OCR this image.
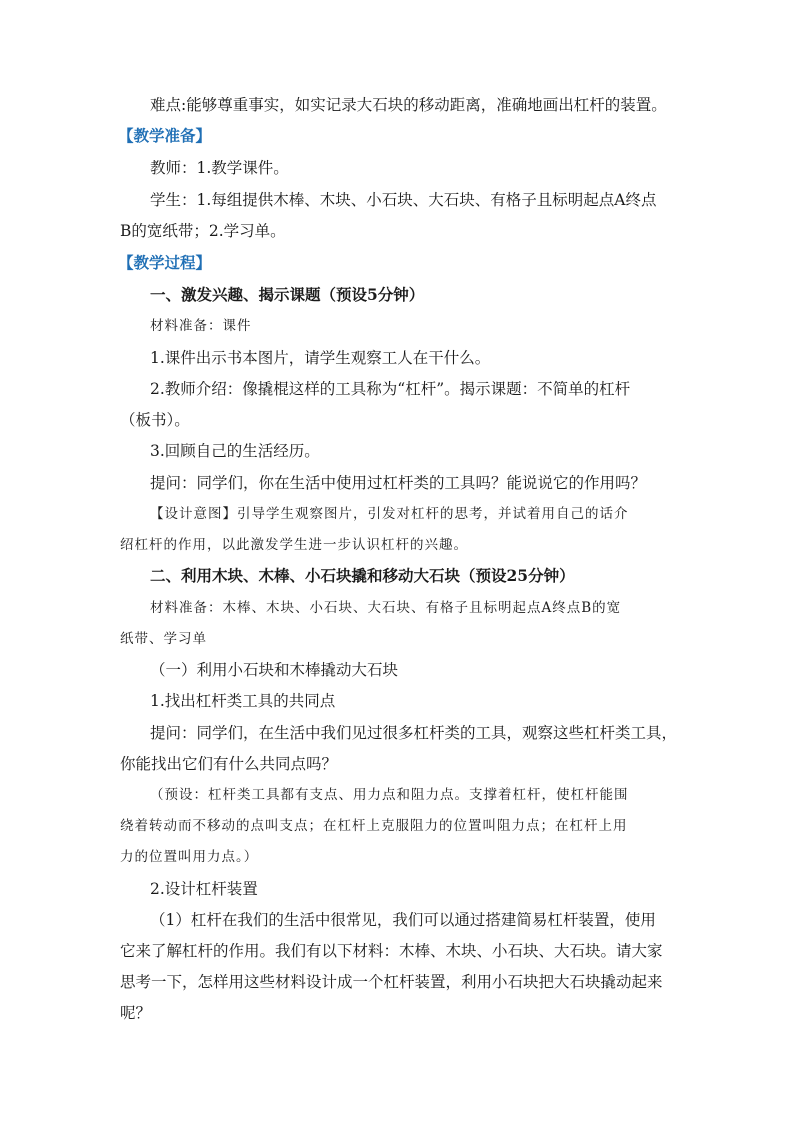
难点:能够尊重事实，如实记录大石块的移动距离，准确地画出杠杆的装置。
【教学准备】
教师：1.教学课件。
学生：1.每组提供木棒、木块、小石块、大石块、有格子且标明起点A终点
B的宽纸带；2.学习单。
【教学过程】
一、激发兴趣、揭示课题（预设5分钟）
材料准备：课件
1.课件出示书本图片，请学生观察工人在干什么。
2.教师介绍：像撬棍这样的工具称为“杠杆”。揭示课题：不简单的杠杆
（板书）。
3.回顾自己的生活经历。
提问：同学们，你在生活中使用过杠杆类的工具吗？能说说它的作用吗？
【设计意图】引导学生观察图片，引发对杠杆的思考，并试着用自己的话介
绍杠杆的作用，以此激发学生进一步认识杠杆的兴趣。
二、利用木块、木棒、小石块撬和移动大石块（预设25分钟）
材料准备：木棒、木块、小石块、大石块、有格子且标明起点A终点B的宽
纸带、学习单
（一）利用小石块和木棒撬动大石块
1.找出杠杆类工具的共同点
提问：同学们，在生活中我们见过很多杠杆类的工具，观察这些杠杆类工具，
你能找出它们有什么共同点吗？
（预设：杠杆类工具都有支点、用力点和阻力点。支撑着杠杆，使杠杆能围
绕着转动而不移动的点叫支点；在杠杆上克服阻力的位置叫阻力点；在杠杆上用
力的位置叫用力点。）
2.设计杠杆装置
（1）杠杆在我们的生活中很常见，我们可以通过搭建简易杠杆装置，使用
它来了解杠杆的作用。我们有以下材料：木棒、木块、小石块、大石块。请大家
思考一下，怎样用这些材料设计成一个杠杆装置，利用小石块把大石块撬动起来
呢？
